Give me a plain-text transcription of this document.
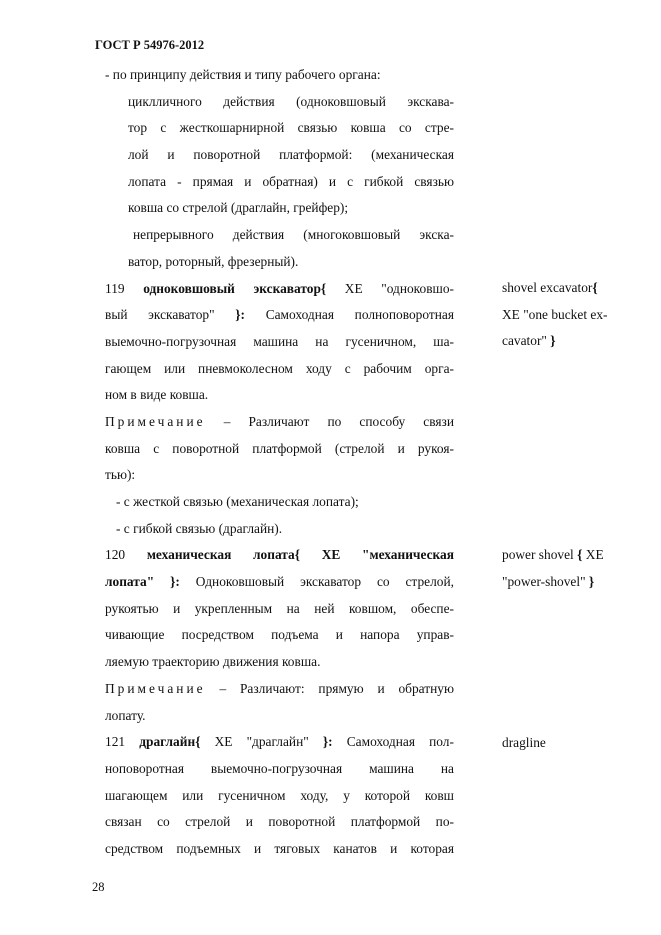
ГОСТ Р 54976-2012
- по принципу действия и типу рабочего органа:
циклличного действия (одноковшовый экскава-
тор с жесткошарнирной связью ковша со стре-
лой и поворотной платформой: (механическая
лопата - прямая и обратная) и с гибкой связью
ковша со стрелой (драглайн, грейфер);
непрерывного действия (многоковшовый экска-
ватор, роторный, фрезерный).
119 одноковшовый экскаватор{ XE "одноковшо-
вый экскаватор" }: Самоходная полноповоротная
выемочно-погрузочная машина на гусеничном, ша-
гающем или пневмоколесном ходу с рабочим орга-
ном в виде ковша.
Примечание – Различают по способу связи
ковша с поворотной платформой (стрелой и рукоя-
тью):
- с жесткой связью (механическая лопата);
- с гибкой связью (драглайн).
120 механическая лопата{ XE "механическая
лопата" }: Одноковшовый экскаватор со стрелой,
рукоятью и укрепленным на ней ковшом, обеспе-
чивающие посредством подъема и напора управ-
ляемую траекторию движения ковша.
Примечание – Различают: прямую и обратную
лопату.
121 драглайн{ XE "драглайн" }: Самоходная пол-
ноповоротная выемочно-погрузочная машина на
шагающем или гусеничном ходу, у которой ковш
связан со стрелой и поворотной платформой по-
средством подъемных и тяговых канатов и которая
shovel excavator{
XE "one bucket ex-
cavator" }
power shovel { XE
"power-shovel" }
dragline
28
